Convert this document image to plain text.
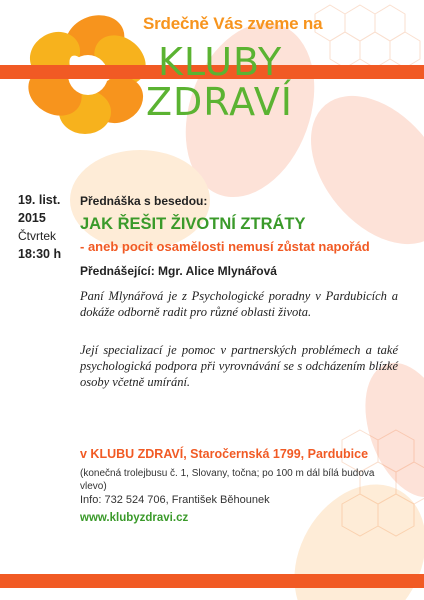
Srdečně Vás zveme na

KLUBY

ZDRAVÍ

19. list.
2015
Čtvrtek
18:30 h
Přednáška s besedou:
JAK ŘEŠIT ŽIVOTNÍ ZTRÁTY
- aneb pocit osamělosti nemusí zůstat napořád
Přednášející: Mgr. Alice Mlynářová
Paní Mlynářová je z Psychologické poradny v Pardubicích a dokáže odborně radit pro různé oblasti života.
Její specializací je pomoc v partnerských problémech a také psychologická podpora při vyrovnávání se s odcházením blízké osoby včetně umírání.
v KLUBU ZDRAVÍ, Staročernská 1799, Pardubice
(konečná trolejbusu č. 1, Slovany, točna; po 100 m dál bílá budova vlevo)
Info: 732 524 706, František Běhounek
www.klubyzdravi.cz
